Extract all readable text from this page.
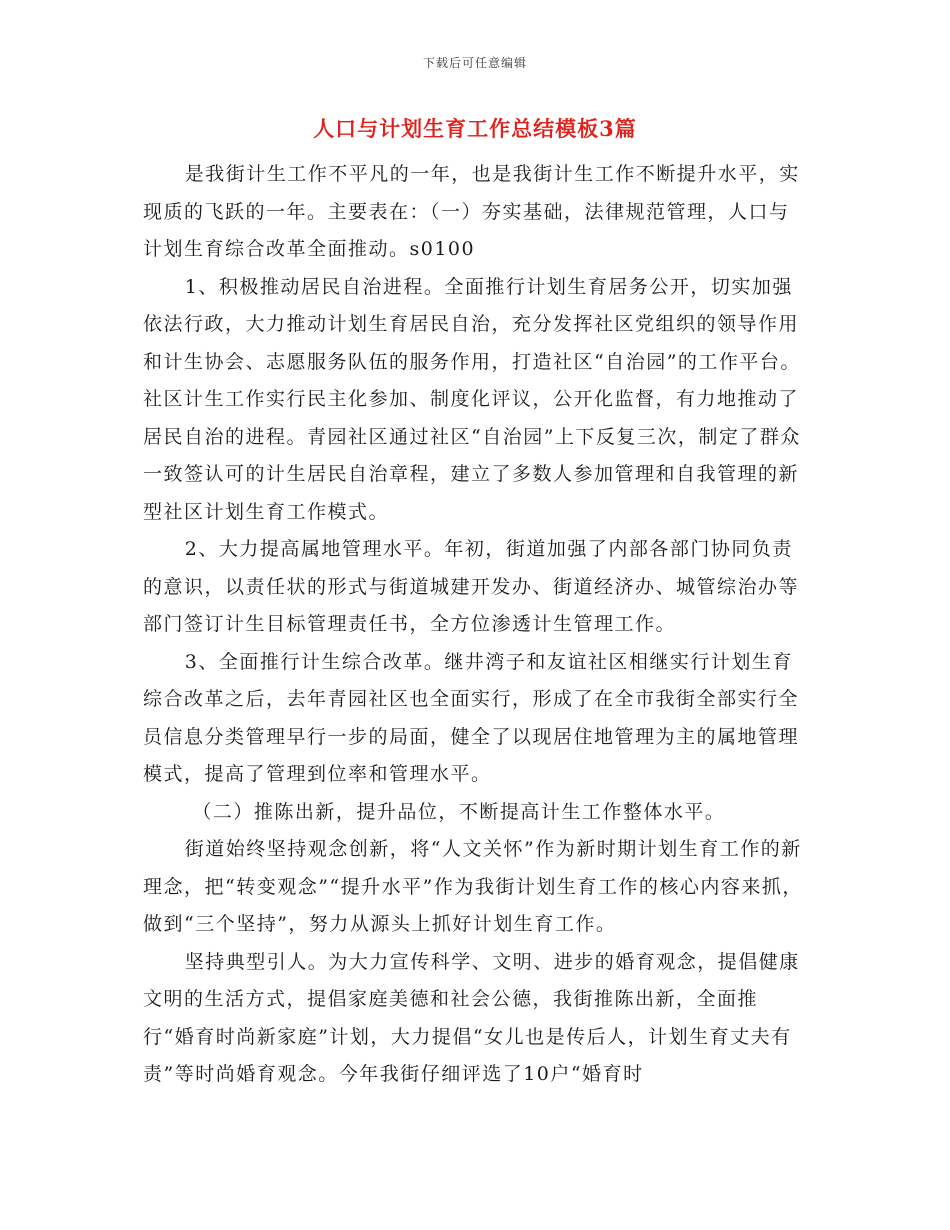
下载后可任意编辑
人口与计划生育工作总结模板3篇

是我街计生工作不平凡的一年，也是我街计生工作不断提升水平，实现质的飞跃的一年。主要表在：（一）夯实基础，法律规范管理，人口与计划生育综合改革全面推动。s0100

1、积极推动居民自治进程。全面推行计划生育居务公开，切实加强依法行政，大力推动计划生育居民自治，充分发挥社区党组织的领导作用和计生协会、志愿服务队伍的服务作用，打造社区“自治园”的工作平台。社区计生工作实行民主化参加、制度化评议，公开化监督，有力地推动了居民自治的进程。青园社区通过社区“自治园”上下反复三次，制定了群众一致签认可的计生居民自治章程，建立了多数人参加管理和自我管理的新型社区计划生育工作模式。

2、大力提高属地管理水平。年初，街道加强了内部各部门协同负责的意识，以责任状的形式与街道城建开发办、街道经济办、城管综治办等部门签订计生目标管理责任书，全方位渗透计生管理工作。

3、全面推行计生综合改革。继井湾子和友谊社区相继实行计划生育综合改革之后，去年青园社区也全面实行，形成了在全市我街全部实行全员信息分类管理早行一步的局面，健全了以现居住地管理为主的属地管理模式，提高了管理到位率和管理水平。

（二）推陈出新，提升品位，不断提高计生工作整体水平。

街道始终坚持观念创新，将“人文关怀”作为新时期计划生育工作的新理念，把“转变观念”“提升水平”作为我街计划生育工作的核心内容来抓，做到“三个坚持”，努力从源头上抓好计划生育工作。

坚持典型引人。为大力宣传科学、文明、进步的婚育观念，提倡健康文明的生活方式，提倡家庭美德和社会公德，我街推陈出新，全面推行“婚育时尚新家庭”计划，大力提倡“女儿也是传后人，计划生育丈夫有责”等时尚婚育观念。今年我街仔细评选了10户“婚育时
